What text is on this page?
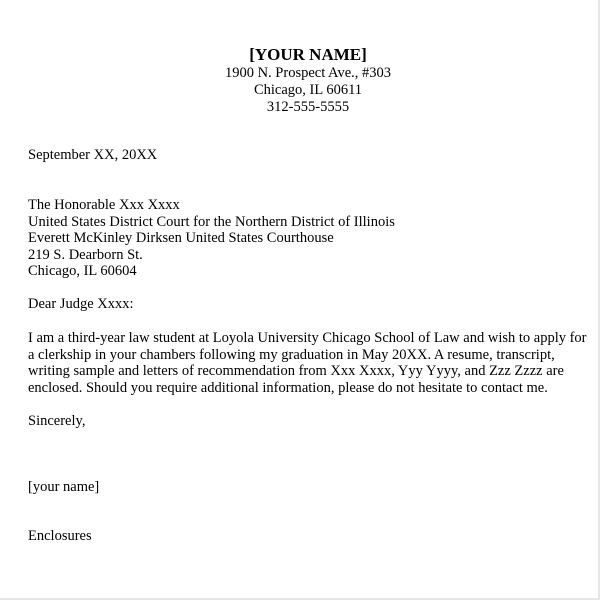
[YOUR NAME]
1900 N. Prospect Ave., #303
Chicago, IL 60611
312-555-5555
September XX, 20XX
The Honorable Xxx Xxxx
United States District Court for the Northern District of Illinois
Everett McKinley Dirksen United States Courthouse
219 S. Dearborn St.
Chicago, IL 60604
Dear Judge Xxxx:
I am a third-year law student at Loyola University Chicago School of Law and wish to apply for
a clerkship in your chambers following my graduation in May 20XX. A resume, transcript,
writing sample and letters of recommendation from Xxx Xxxx, Yyy Yyyy, and Zzz Zzzz are
enclosed. Should you require additional information, please do not hesitate to contact me.
Sincerely,
[your name]
Enclosures
